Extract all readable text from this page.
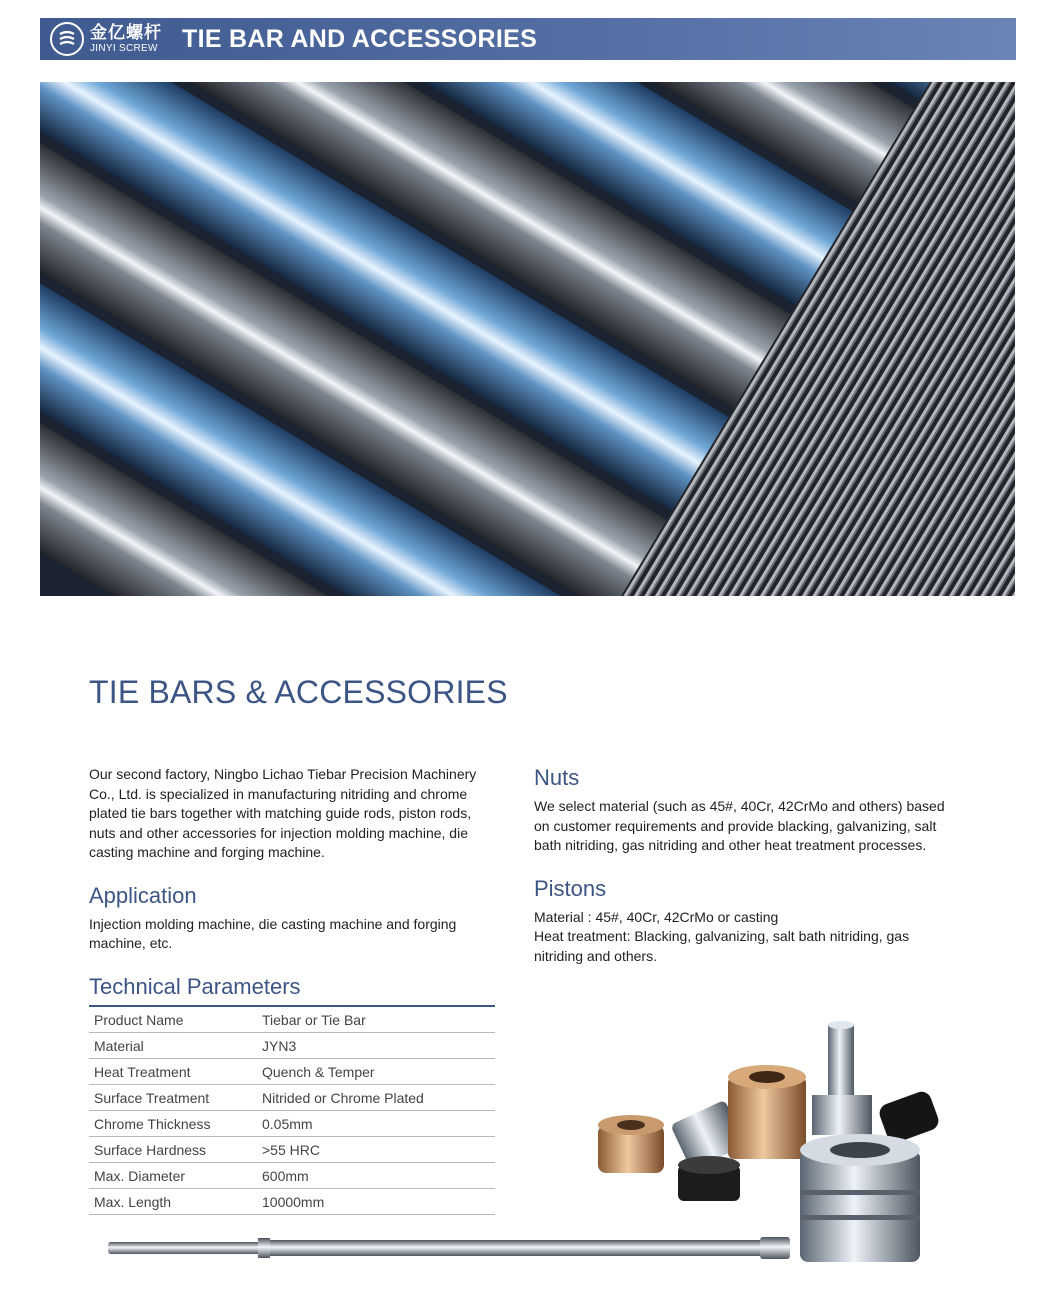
金亿螺杆
JINYI SCREW TIE BAR AND ACCESSORIES
TIE BARS & ACCESSORIES

Our second factory, Ningbo Lichao Tiebar Precision Machinery Co., Ltd. is specialized in manufacturing nitriding and chrome plated tie bars together with matching guide rods, piston rods, nuts and other accessories for injection molding machine, die casting machine and forging machine.

Application

Injection molding machine, die casting machine and forging machine, etc.

Technical Parameters
Product Name	Tiebar or Tie Bar
Material	JYN3
Heat Treatment	Quench & Temper
Surface Treatment	Nitrided or Chrome Plated
Chrome Thickness	0.05mm
Surface Hardness	>55 HRC
Max. Diameter	600mm
Max. Length	10000mm
Nuts

We select material (such as 45#, 40Cr, 42CrMo and others) based on customer requirements and provide blacking, galvanizing, salt bath nitriding, gas nitriding and other heat treatment processes.

Pistons

Material : 45#, 40Cr, 42CrMo or casting

Heat treatment: Blacking, galvanizing, salt bath nitriding, gas nitriding and others.
